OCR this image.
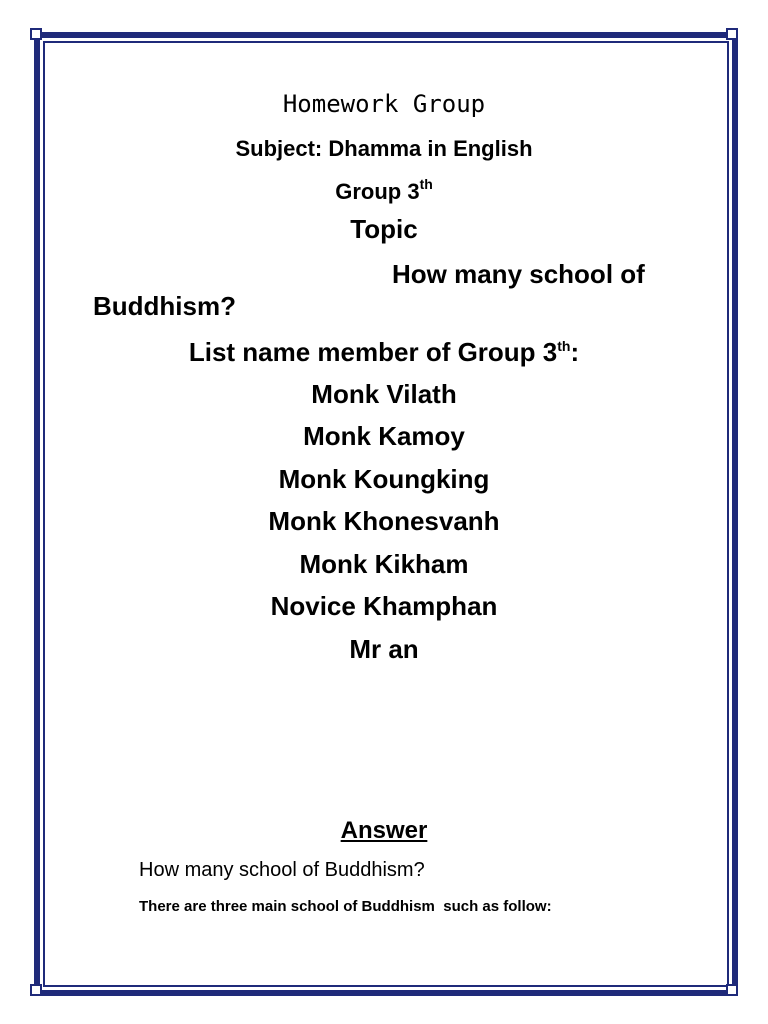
Homework Group
Subject: Dhamma in English
Group 3th
Topic
How many school of
Buddhism?
List name member of Group 3th:
Monk Vilath
Monk Kamoy
Monk Koungking
Monk Khonesvanh
Monk Kikham
Novice Khamphan
Mr an
Answer
How many school of Buddhism?
There are three main school of Buddhism  such as follow:
